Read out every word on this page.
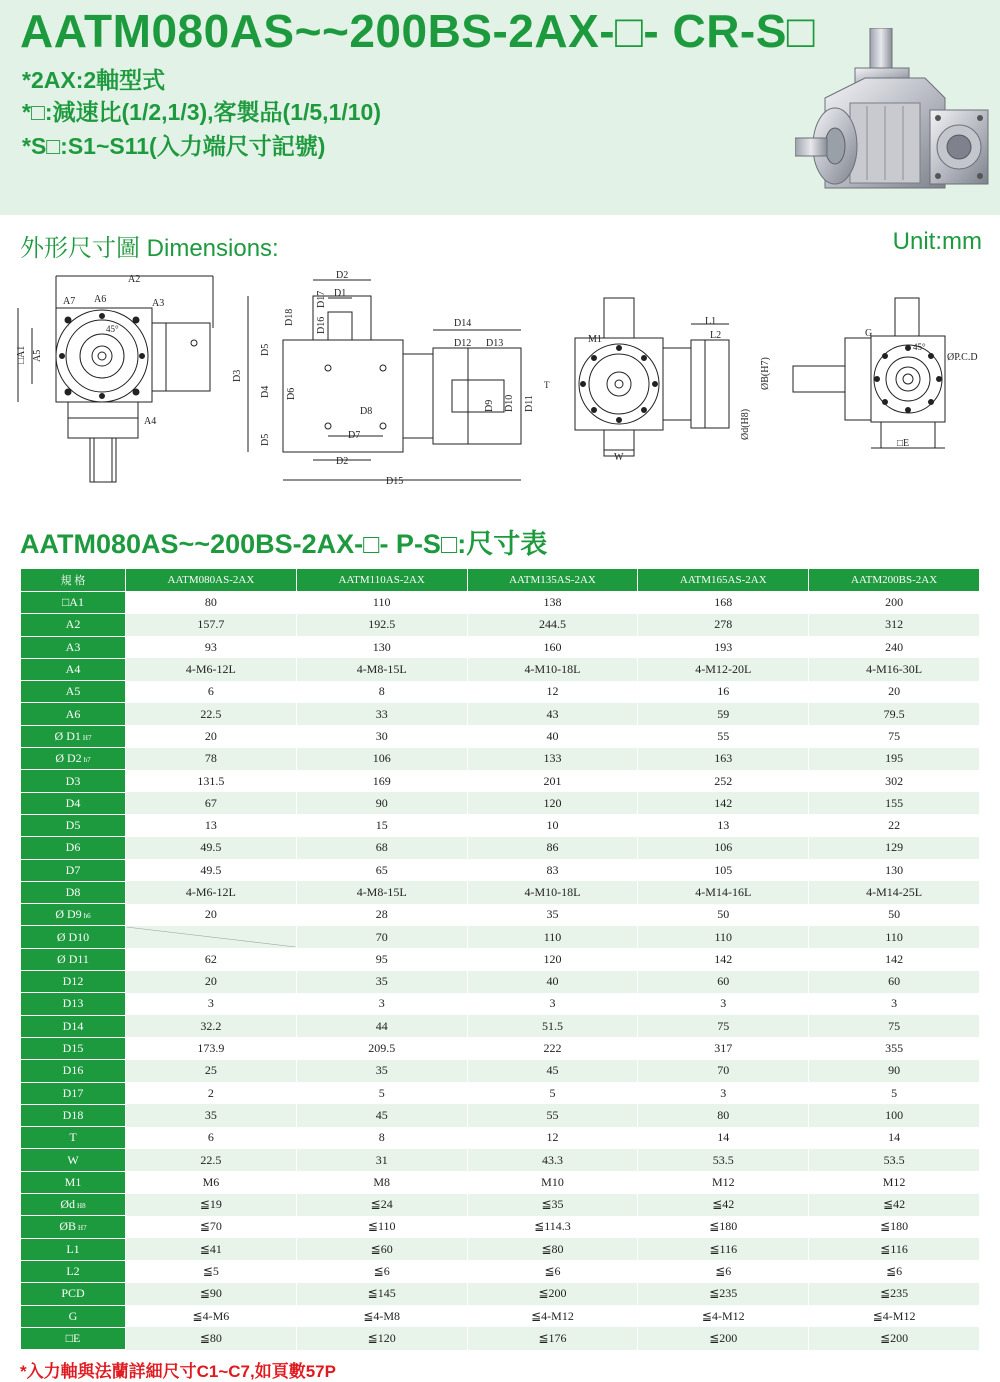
AATM080AS~~200BS-2AX-□- CR-S□
*2AX:2軸型式
*□:減速比(1/2,1/3),客製品(1/5,1/10)
*S□:S1~S11(入力端尺寸記號)
外形尺寸圖 Dimensions:	Unit:mm
A2
□A1 A5
A7 A6	A3
45°
A4
D2
D1
D17
D16
D18
D3
D4
D5
D6
D5
D8
D7
D2
D14
D12 D13
D9 D10 D11
D15
L1
L2
M1
T
W
ØB(H7)
Ød(H8)
G
45°
ØP.C.D
□E
AATM080AS~~200BS-2AX-□- P-S□:尺寸表
規 格	AATM080AS-2AX	AATM110AS-2AX	AATM135AS-2AX	AATM165AS-2AX	AATM200BS-2AX
□A1	80	110	138	168	200
A2	157.7	192.5	244.5	278	312
A3	93	130	160	193	240
A4	4-M6-12L	4-M8-15L	4-M10-18L	4-M12-20L	4-M16-30L
A5	6	8	12	16	20
A6	22.5	33	43	59	79.5
Ø D1 H7	20	30	40	55	75
Ø D2 h7	78	106	133	163	195
D3	131.5	169	201	252	302
D4	67	90	120	142	155
D5	13	15	10	13	22
D6	49.5	68	86	106	129
D7	49.5	65	83	105	130
D8	4-M6-12L	4-M8-15L	4-M10-18L	4-M14-16L	4-M14-25L
Ø D9 h6	20	28	35	50	50
Ø D10		70	110	110	110
Ø D11	62	95	120	142	142
D12	20	35	40	60	60
D13	3	3	3	3	3
D14	32.2	44	51.5	75	75
D15	173.9	209.5	222	317	355
D16	25	35	45	70	90
D17	2	5	5	3	5
D18	35	45	55	80	100
T	6	8	12	14	14
W	22.5	31	43.3	53.5	53.5
M1	M6	M8	M10	M12	M12
Ød H8	≦19	≦24	≦35	≦42	≦42
ØB H7	≦70	≦110	≦114.3	≦180	≦180
L1	≦41	≦60	≦80	≦116	≦116
L2	≦5	≦6	≦6	≦6	≦6
PCD	≦90	≦145	≦200	≦235	≦235
G	≦4-M6	≦4-M8	≦4-M12	≦4-M12	≦4-M12
□E	≦80	≦120	≦176	≦200	≦200
*入力軸與法蘭詳細尺寸C1~C7,如頁數57P
